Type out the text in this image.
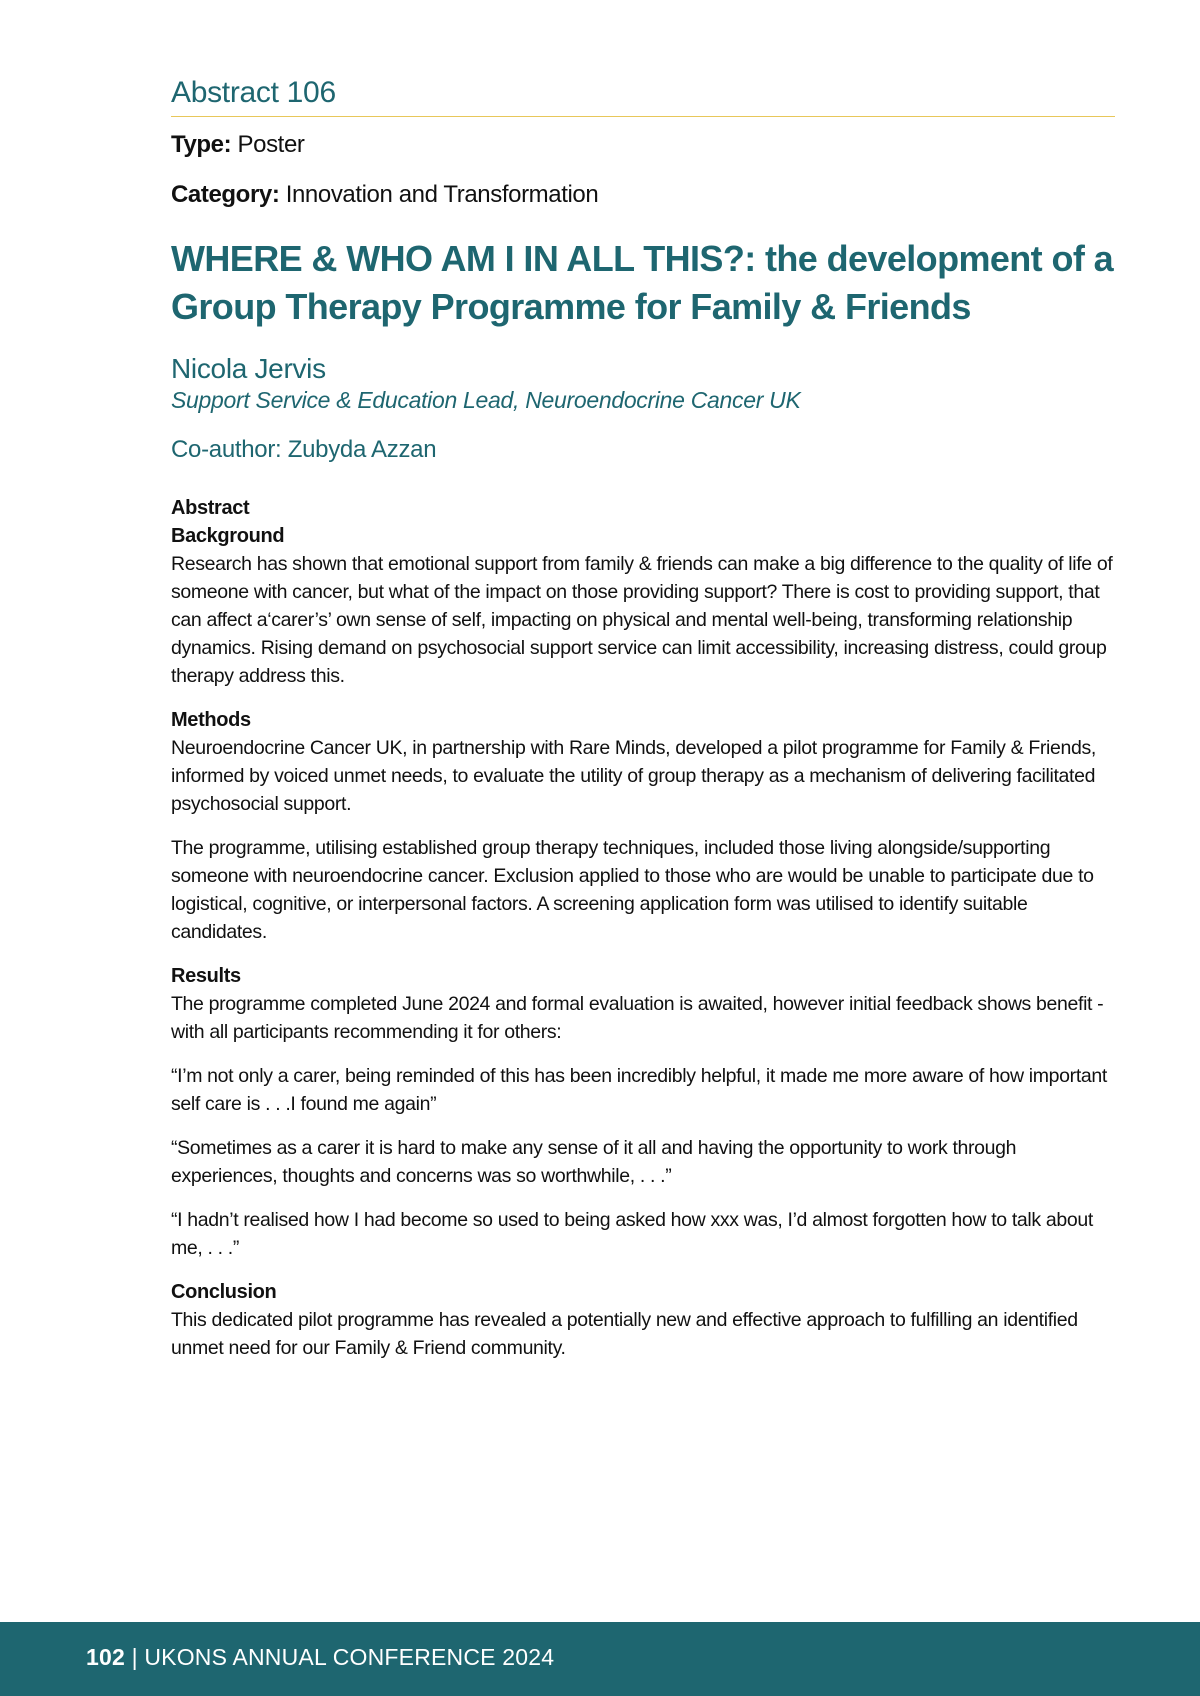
Abstract 106

Type: Poster

Category: Innovation and Transformation

WHERE & WHO AM I IN ALL THIS?: the development of a
Group Therapy Programme for Family & Friends

Nicola Jervis

Support Service & Education Lead, Neuroendocrine Cancer UK

Co-author: Zubyda Azzan

Abstract

Background

Research has shown that emotional support from family & friends can make a big difference to the quality of life of someone with cancer, but what of the impact on those providing support? There is cost to providing support, that can affect a‘carer’s’ own sense of self, impacting on physical and mental well-being, transforming relationship dynamics. Rising demand on psychosocial support service can limit accessibility, increasing distress, could group therapy address this.

Methods

Neuroendocrine Cancer UK, in partnership with Rare Minds, developed a pilot programme for Family & Friends, informed by voiced unmet needs, to evaluate the utility of group therapy as a mechanism of delivering facilitated psychosocial support.

The programme, utilising established group therapy techniques, included those living alongside/supporting someone with neuroendocrine cancer. Exclusion applied to those who are would be unable to participate due to logistical, cognitive, or interpersonal factors. A screening application form was utilised to identify suitable candidates.

Results

The programme completed June 2024 and formal evaluation is awaited, however initial feedback shows benefit - with all participants recommending it for others:

“I’m not only a carer, being reminded of this has been incredibly helpful, it made me more aware of how important self care is . . .I found me again”

“Sometimes as a carer it is hard to make any sense of it all and having the opportunity to work through experiences, thoughts and concerns was so worthwhile, . . .”

“I hadn’t realised how I had become so used to being asked how xxx was, I’d almost forgotten how to talk about me, . . .”

Conclusion

This dedicated pilot programme has revealed a potentially new and effective approach to fulfilling an identified unmet need for our Family & Friend community.

102 | UKONS ANNUAL CONFERENCE 2024
